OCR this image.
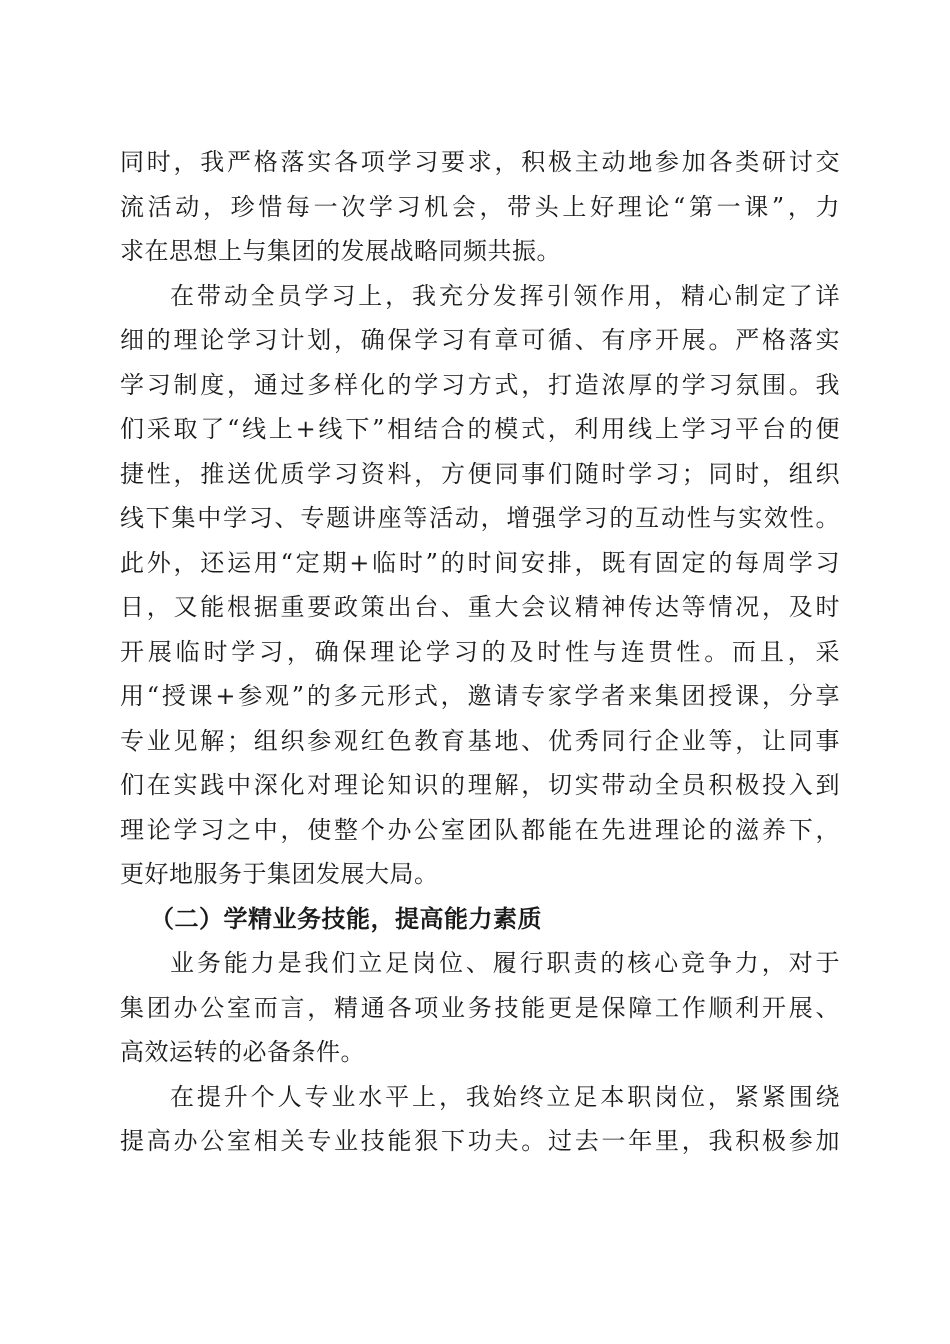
同时，我严格落实各项学习要求，积极主动地参加各类研讨交
流活动，珍惜每一次学习机会，带头上好理论“第一课”，力
求在思想上与集团的发展战略同频共振。
在带动全员学习上，我充分发挥引领作用，精心制定了详
细的理论学习计划，确保学习有章可循、有序开展。严格落实
学习制度，通过多样化的学习方式，打造浓厚的学习氛围。我
们采取了“线上+线下”相结合的模式，利用线上学习平台的便
捷性，推送优质学习资料，方便同事们随时学习；同时，组织
线下集中学习、专题讲座等活动，增强学习的互动性与实效性。
此外，还运用“定期+临时”的时间安排，既有固定的每周学习
日，又能根据重要政策出台、重大会议精神传达等情况，及时
开展临时学习，确保理论学习的及时性与连贯性。而且，采
用“授课+参观”的多元形式，邀请专家学者来集团授课，分享
专业见解；组织参观红色教育基地、优秀同行企业等，让同事
们在实践中深化对理论知识的理解，切实带动全员积极投入到
理论学习之中，使整个办公室团队都能在先进理论的滋养下，
更好地服务于集团发展大局。
（二）学精业务技能，提高能力素质
业务能力是我们立足岗位、履行职责的核心竞争力，对于
集团办公室而言，精通各项业务技能更是保障工作顺利开展、
高效运转的必备条件。
在提升个人专业水平上，我始终立足本职岗位，紧紧围绕
提高办公室相关专业技能狠下功夫。过去一年里，我积极参加
